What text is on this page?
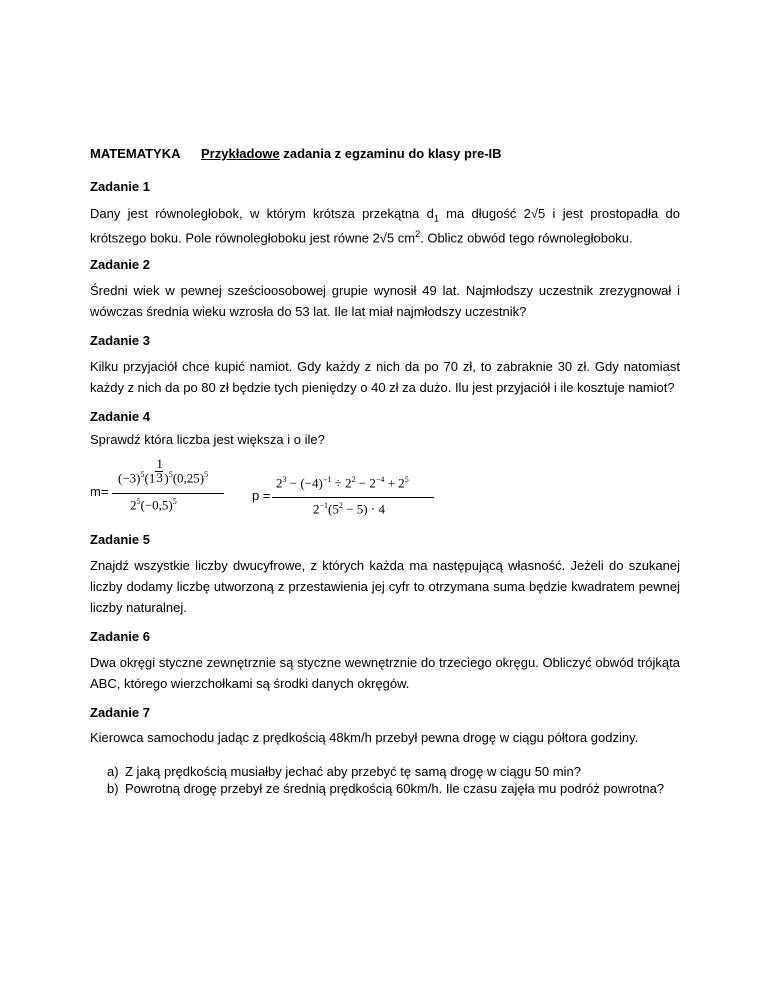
MATEMATYKA Przykładowe zadania z egzaminu do klasy pre-IB
Zadanie 1
Dany jest równoległobok, w którym krótsza przekątna $d_1$ ma długość 2√5 i jest prostopadła do
krótszego boku. Pole równoległoboku jest równe 2√5 $cm^2$. Oblicz obwód tego równoległoboku.
Zadanie 2
Średni wiek w pewnej sześcioosobowej grupie wynosił 49 lat. Najmłodszy uczestnik zrezygnował i wówczas średnia wieku wzrosła do 53 lat. Ile lat miał najmłodszy uczestnik?
Zadanie 3
Kilku przyjaciół chce kupić namiot. Gdy każdy z nich da po 70 zł, to zabraknie 30 zł. Gdy natomiast każdy z nich da po 80 zł będzie tych pieniędzy o 40 zł za dużo. Ilu jest przyjaciół i ile kosztuje namiot?
Zadanie 4
Sprawdź która liczba jest większa i o ile?
m=
$(-3)^5(1 \frac{1}{3} )^5(0,25)^5$
$2^5(-0,5)^5$	p =
$2^3 - (-4)^{-1} \div 2^2 - 2^{-4} + 2^5$
$2^{-1}(5^2 - 5) \cdot 4$
Zadanie 5
Znajdź wszystkie liczby dwucyfrowe, z których każda ma następującą własność. Jeżeli do szukanej liczby dodamy liczbę utworzoną z przestawienia jej cyfr to otrzymana suma będzie kwadratem pewnej liczby naturalnej.
Zadanie 6
Dwa okręgi styczne zewnętrznie są styczne wewnętrznie do trzeciego okręgu. Obliczyć obwód trójkąta ABC, którego wierzchołkami są środki danych okręgów.
Zadanie 7
Kierowca samochodu jadąc z prędkością 48km/h przebył pewna drogę w ciągu półtora godziny.
a) Z jaką prędkością musiałby jechać aby przebyć tę samą drogę w ciągu 50 min?
b) Powrotną drogę przebył ze średnią prędkością 60km/h. Ile czasu zajęła mu podróż powrotna?
